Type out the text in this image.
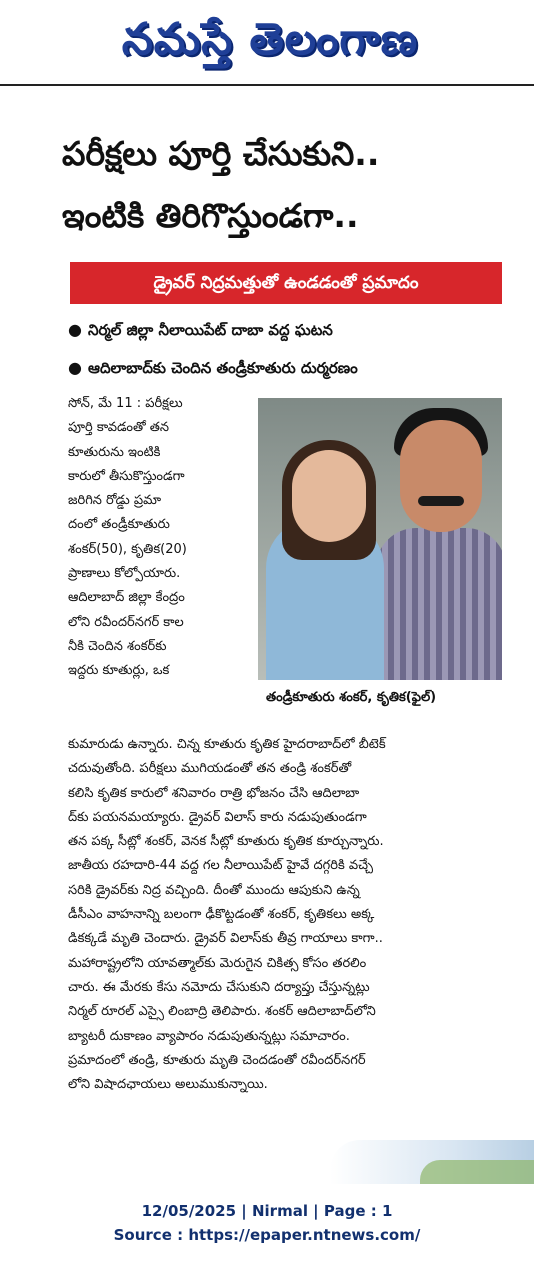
నమస్తే తెలంగాణ
పరీక్షలు పూర్తి చేసుకుని..
ఇంటికి తిరిగొస్తుండగా..
డ్రైవర్ నిద్రమత్తుతో ఉండడంతో ప్రమాదం
● నిర్మల్ జిల్లా నీలాయిపేట్ దాబా వద్ద ఘటన
● ఆదిలాబాద్‌కు చెందిన తండ్రీకూతురు దుర్మరణం
తండ్రీకూతురు శంకర్, కృతిక(ఫైల్)
సోన్, మే 11 : పరీక్షలు
పూర్తి కావడంతో తన
కూతురును ఇంటికి
కారులో తీసుకొస్తుండగా
జరిగిన రోడ్డు ప్రమా
దంలో తండ్రీకూతురు
శంకర్(50), కృతిక(20)
ప్రాణాలు కోల్పోయారు.
ఆదిలాబాద్ జిల్లా కేంద్రం
లోని రవీందర్‌నగర్ కాల
నీకి చెందిన శంకర్‌కు
ఇద్దరు కూతుర్లు, ఒక
కుమారుడు ఉన్నారు. చిన్న కూతురు కృతిక హైదరాబాద్‌లో బీటెక్
చదువుతోంది. పరీక్షలు ముగియడంతో తన తండ్రి శంకర్‌తో
కలిసి కృతిక కారులో శనివారం రాత్రి భోజనం చేసి ఆదిలాబా
ద్‌కు పయనమయ్యారు. డ్రైవర్ విలాస్ కారు నడుపుతుండగా
తన పక్క సీట్లో శంకర్, వెనక సీట్లో కూతురు కృతిక కూర్చున్నారు.
జాతీయ రహదారి-44 వద్ద గల నీలాయిపేట్ హైవే దగ్గరికి వచ్చే
సరికి డ్రైవర్‌కు నిద్ర వచ్చింది. దీంతో ముందు ఆపుకుని ఉన్న
డీసీఎం వాహనాన్ని బలంగా ఢీకొట్టడంతో శంకర్, కృతికలు అక్క
డికక్కడే మృతి చెందారు. డ్రైవర్ విలాస్‌కు తీవ్ర గాయాలు కాగా..
మహారాష్ట్రలోని యావత్మాల్‌కు మెరుగైన చికిత్స కోసం తరలిం
చారు. ఈ మేరకు కేసు నమోదు చేసుకుని దర్యాప్తు చేస్తున్నట్లు
నిర్మల్ రూరల్ ఎస్సై లింబాద్రి తెలిపారు. శంకర్ ఆదిలాబాద్‌లోని
బ్యాటరీ దుకాణం వ్యాపారం నడుపుతున్నట్లు సమాచారం.
ప్రమాదంలో తండ్రి, కూతురు మృతి చెందడంతో రవీందర్‌నగర్
లోని విషాదఛాయలు అలుముకున్నాయి.
12/05/2025 | Nirmal | Page : 1
Source : https://epaper.ntnews.com/
